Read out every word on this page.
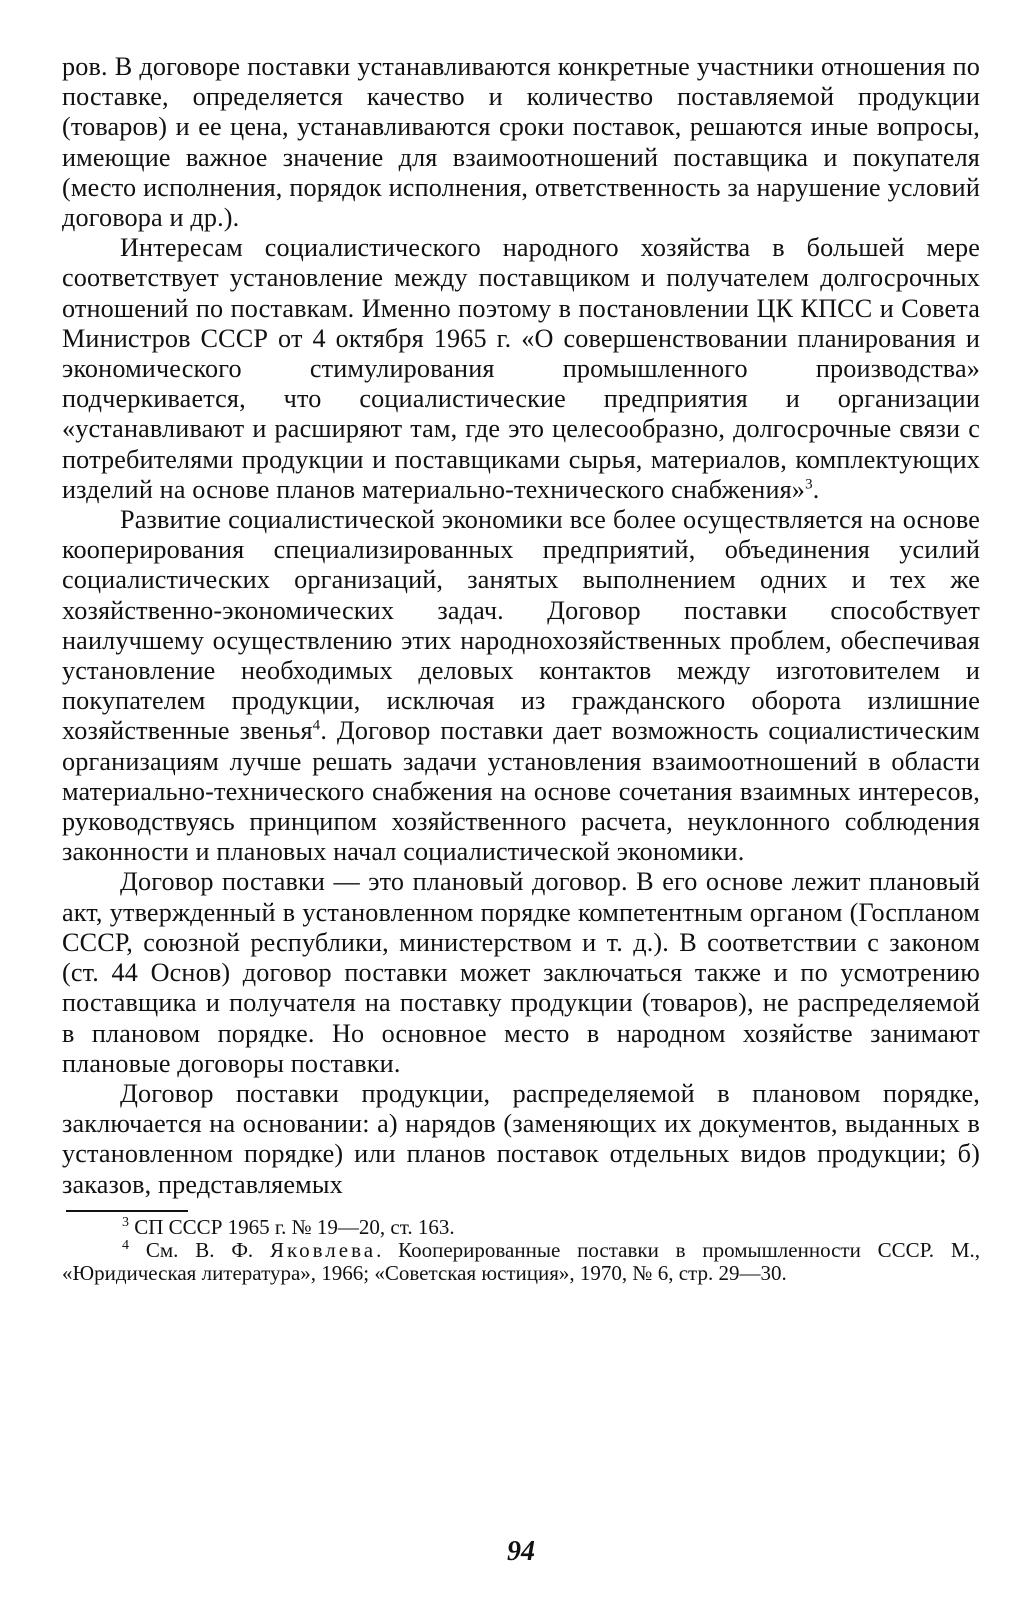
ров. В договоре поставки устанавливаются конкретные участники отношения по поставке, определяется качество и количество поставляемой продукции (товаров) и ее цена, устанавливаются сроки поставок, решаются иные вопросы, имеющие важное значение для взаимоотношений поставщика и покупателя (место исполнения, порядок исполнения, ответственность за нарушение условий договора и др.).

Интересам социалистического народного хозяйства в большей мере соответствует установление между поставщиком и получателем долгосрочных отношений по поставкам. Именно поэтому в постановлении ЦК КПСС и Совета Министров СССР от 4 октября 1965 г. «О совершенствовании планирования и экономического стимулирования промышленного производства» подчеркивается, что социалистические предприятия и организации «устанавливают и расширяют там, где это целесообразно, долгосрочные связи с потребителями продукции и поставщиками сырья, материалов, комплектующих изделий на основе планов материально-технического снабжения»$^3$.

Развитие социалистической экономики все более осуществляется на основе кооперирования специализированных предприятий, объединения усилий социалистических организаций, занятых выполнением одних и тех же хозяйственно-экономических задач. Договор поставки способствует наилучшему осуществлению этих народнохозяйственных проблем, обеспечивая установление необходимых деловых контактов между изготовителем и покупателем продукции, исключая из гражданского оборота излишние хозяйственные звенья$^4$. Договор поставки дает возможность социалистическим организациям лучше решать задачи установления взаимоотношений в области материально-технического снабжения на основе сочетания взаимных интересов, руководствуясь принципом хозяйственного расчета, неуклонного соблюдения законности и плановых начал социалистической экономики.

Договор поставки — это плановый договор. В его основе лежит плановый акт, утвержденный в установленном порядке компетентным органом (Госпланом СССР, союзной республики, министерством и т. д.). В соответствии с законом (ст. 44 Основ) договор поставки может заключаться также и по усмотрению поставщика и получателя на поставку продукции (товаров), не распределяемой в плановом порядке. Но основное место в народном хозяйстве занимают плановые договоры поставки.

Договор поставки продукции, распределяемой в плановом порядке, заключается на основании: а) нарядов (заменяющих их документов, выданных в установленном порядке) или планов поставок отдельных видов продукции; б) заказов, представляемых

$^3$ СП СССР 1965 г. № 19—20, ст. 163.

$^4$ См. В. Ф. Яковлева. Кооперированные поставки в промышленности СССР. М., «Юридическая литература», 1966; «Советская юстиция», 1970, № 6, стр. 29—30.

94
